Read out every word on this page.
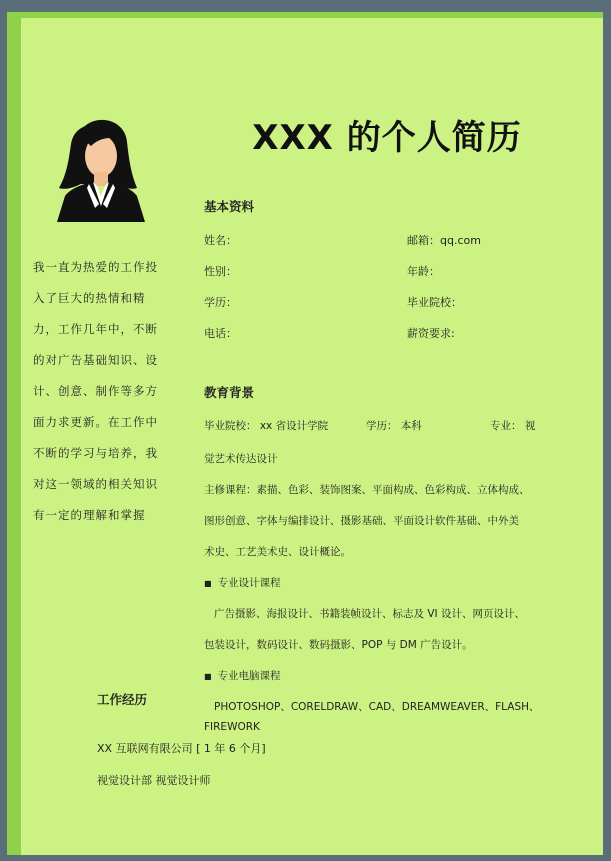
XXX 的个人简历
我一直为热爱的工作投入了巨大的热情和精力，工作几年中，不断的对广告基础知识、设计、创意、制作等多方面力求更新。在工作中不断的学习与培养，我对这一领域的相关知识有一定的理解和掌握
基本资料
姓名：	邮箱：qq.com
性别：	年龄：
学历：	毕业院校：
电话：	薪资要求:
教育背景
毕业院校： xx 省设计学院	学历： 本科	专业： 视
觉艺术传达设计
主修课程：素描、色彩、装饰图案、平面构成、色彩构成、立体构成、
图形创意、字体与编排设计、摄影基础、平面设计软件基础、中外美
术史、工艺美术史、设计概论。
■ 专业设计课程
广告摄影、海报设计、书籍装帧设计、标志及 VI 设计、网页设计、
包装设计，数码设计、数码摄影、POP 与 DM 广告设计。
■ 专业电脑课程
PHOTOSHOP、CORELDRAW、CAD、DREAMWEAVER、FLASH、
FIREWORK
工作经历
XX 互联网有限公司 [ 1 年 6 个月]
视觉设计部 视觉设计师
